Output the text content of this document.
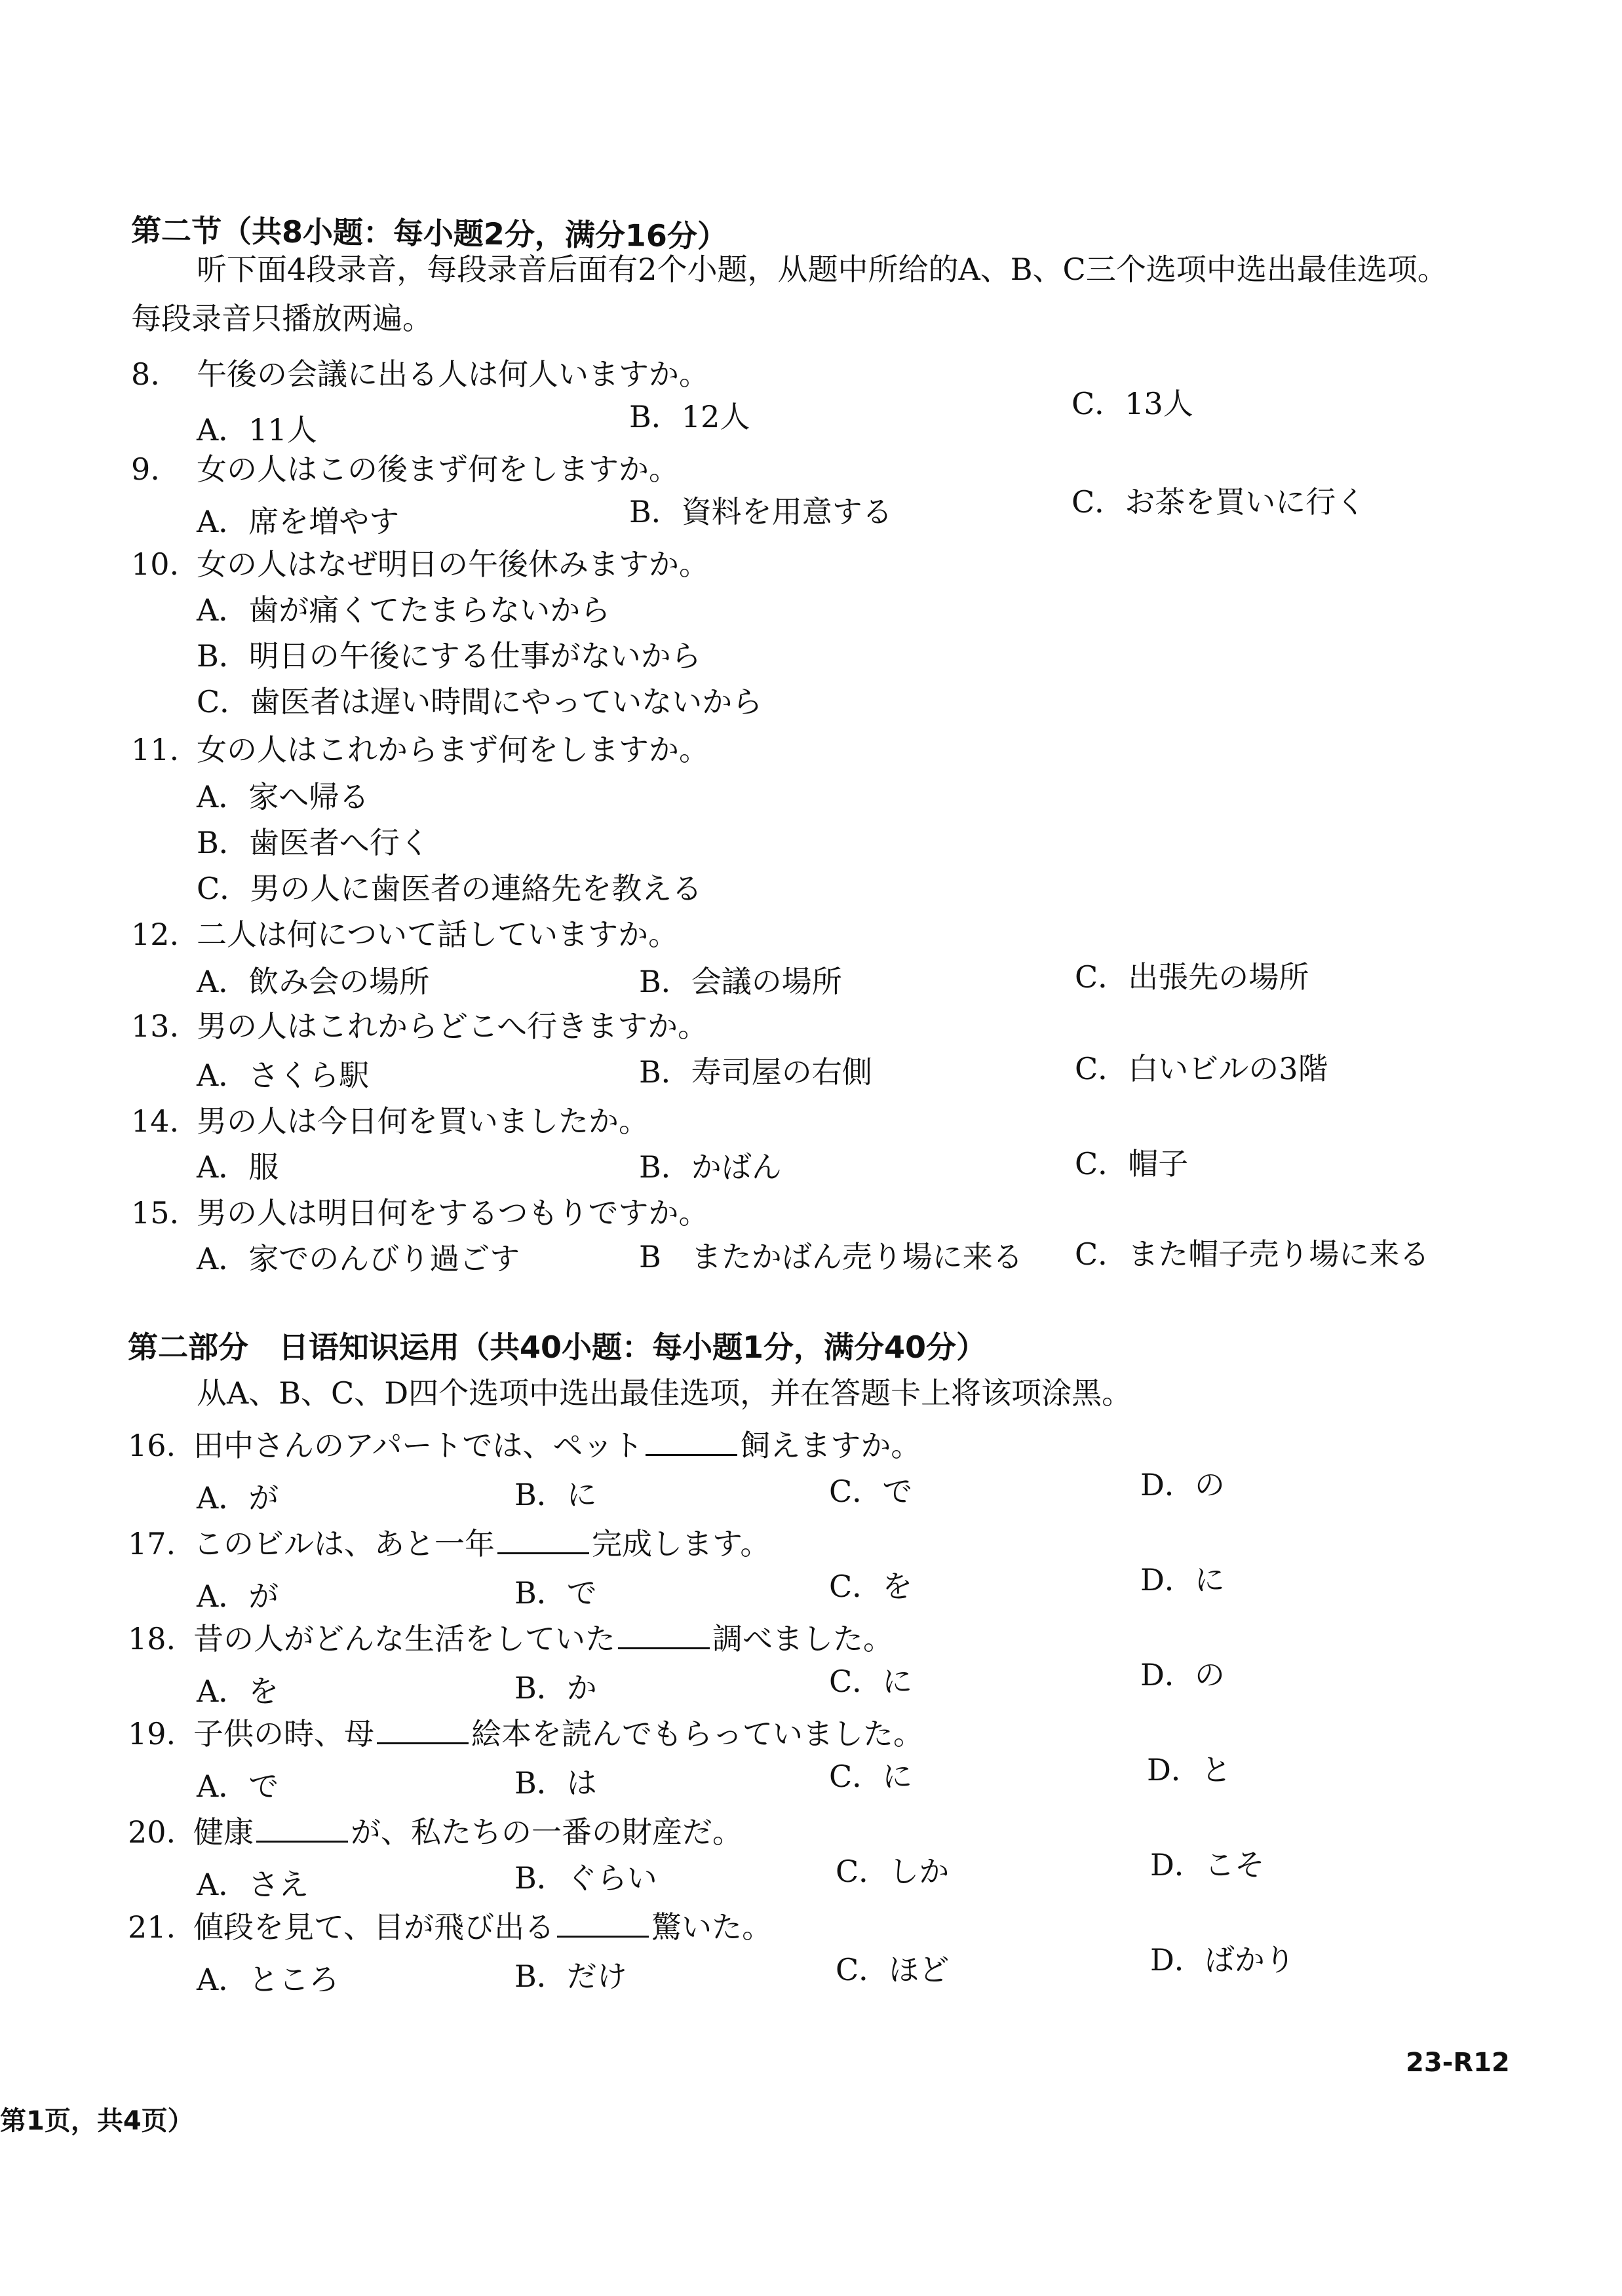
第二节（共8小题：每小题2分，满分16分）
听下面4段录音，每段录音后面有2个小题，从题中所给的A、B、C三个选项中选出最佳选项。
每段录音只播放两遍。
8. 午後の会議に出る人は何人いますか。
A．11人	B．12人	C．13人
9. 女の人はこの後まず何をしますか。
A．席を増やす	B．資料を用意する	C．お茶を買いに行く
10. 女の人はなぜ明日の午後休みますか。
A．歯が痛くてたまらないから
B．明日の午後にする仕事がないから
C．歯医者は遅い時間にやっていないから
11. 女の人はこれからまず何をしますか。
A．家へ帰る
B．歯医者へ行く
C．男の人に歯医者の連絡先を教える
12. 二人は何について話していますか。
A．飲み会の場所	B．会議の場所	C．出張先の場所
13. 男の人はこれからどこへ行きますか。
A．さくら駅	B．寿司屋の右側	C．白いビルの3階
14. 男の人は今日何を買いましたか。
A．服	B．かばん	C．帽子
15. 男の人は明日何をするつもりですか。
A．家でのんびり過ごす	B　またかばん売り場に来る C．また帽子売り場に来る
第二部分　日语知识运用（共40小题：每小题1分，满分40分）
从A、B、C、D四个选项中选出最佳选项，并在答题卡上将该项涂黑。
16. 田中さんのアパートでは、ペット	飼えますか。
A．が	B．に	C．で	D．の
17. このビルは、あと一年	完成します。
A．が	B．で	C．を	D．に
18. 昔の人がどんな生活をしていた	調べました。
A．を	B．か	C．に	D．の
19. 子供の時、母	絵本を読んでもらっていました。
A．で	B．は	C．に	D．と
20. 健康	が、私たちの一番の財産だ。
A．さえ	B．ぐらい	C．しか	D．こそ
21. 値段を見て、目が飛び出る	驚いた。
A．ところ	B．だけ	C．ほど	D．ばかり
23-R12
第1页，共4页）
